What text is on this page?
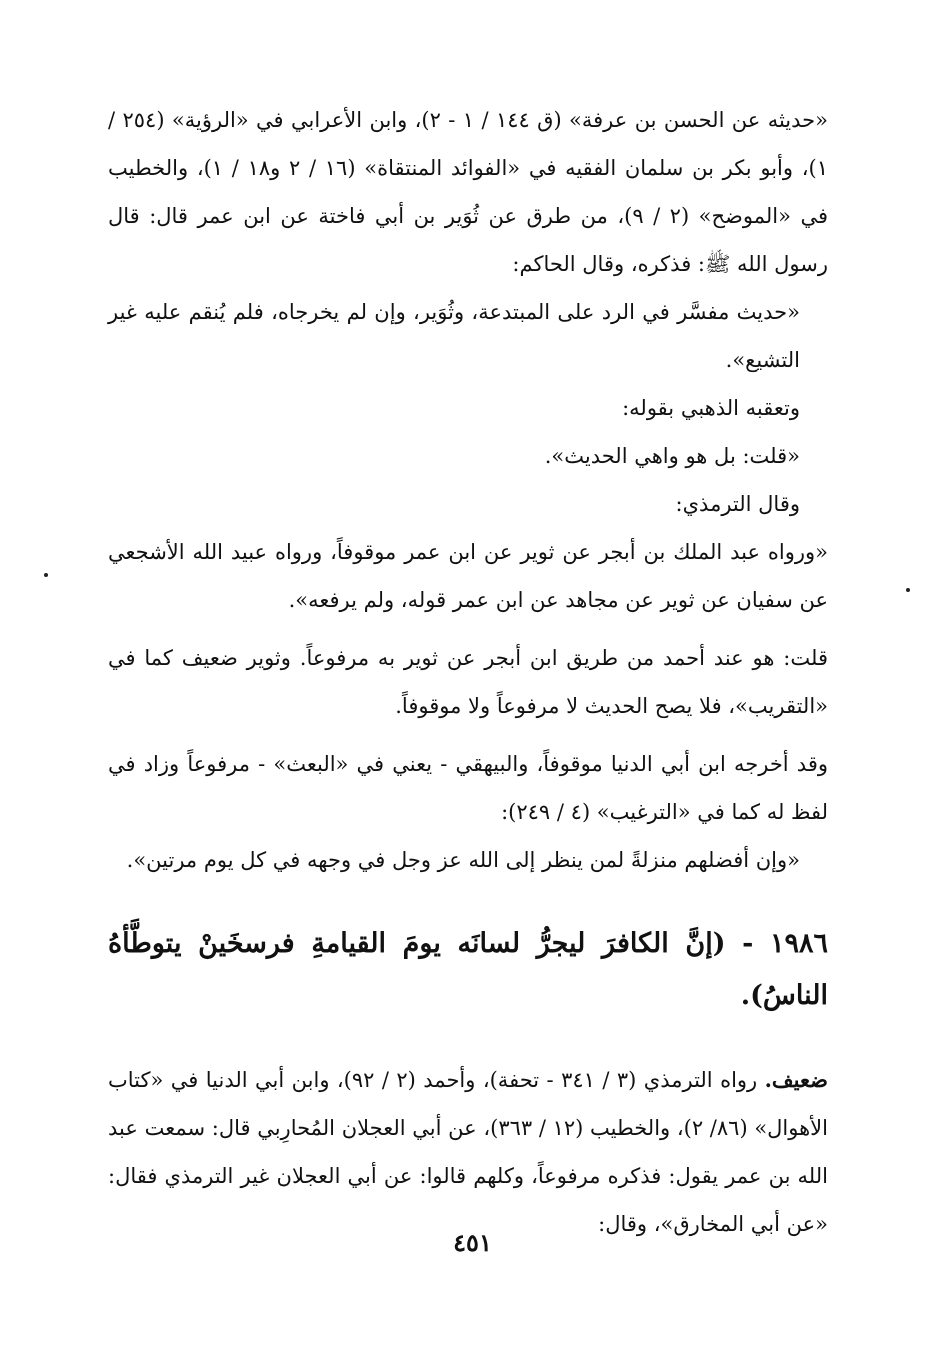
«حديثه عن الحسن بن عرفة» (ق ١٤٤ / ١ - ٢)، وابن الأعرابي في «الرؤية» (٢٥٤ / ١)، وأبو بكر بن سلمان الفقيه في «الفوائد المنتقاة» (١٦ / ٢ و١٨ / ١)، والخطيب في «الموضح» (٢ / ٩)، من طرق عن ثُوَير بن أبي فاختة عن ابن عمر قال: قال رسول الله ﷺ: فذكره، وقال الحاكم:

«حديث مفسَّر في الرد على المبتدعة، وثُوَير، وإن لم يخرجاه، فلم يُنقم عليه غير التشيع».

وتعقبه الذهبي بقوله:

«قلت: بل هو واهي الحديث».

وقال الترمذي:

«ورواه عبد الملك بن أبجر عن ثوير عن ابن عمر موقوفاً، ورواه عبيد الله الأشجعي عن سفيان عن ثوير عن مجاهد عن ابن عمر قوله، ولم يرفعه».

قلت: هو عند أحمد من طريق ابن أبجر عن ثوير به مرفوعاً. وثوير ضعيف كما في «التقريب»، فلا يصح الحديث لا مرفوعاً ولا موقوفاً.

وقد أخرجه ابن أبي الدنيا موقوفاً، والبيهقي - يعني في «البعث» - مرفوعاً وزاد في لفظ له كما في «الترغيب» (٤ / ٢٤٩):

«وإن أفضلهم منزلةً لمن ينظر إلى الله عز وجل في وجهه في كل يوم مرتين».

١٩٨٦ - (إنَّ الكافرَ ليجرُّ لسانَه يومَ القيامةِ فرسخَينْ يتوطَّأهُ الناسُ).

ضعيف. رواه الترمذي (٣ / ٣٤١ - تحفة)، وأحمد (٢ / ٩٢)، وابن أبي الدنيا في «كتاب الأهوال» (٨٦/ ٢)، والخطيب (١٢ / ٣٦٣)، عن أبي العجلان المُحارِبي قال: سمعت عبد الله بن عمر يقول: فذكره مرفوعاً، وكلهم قالوا: عن أبي العجلان غير الترمذي فقال: «عن أبي المخارق»، وقال:

٤٥١
